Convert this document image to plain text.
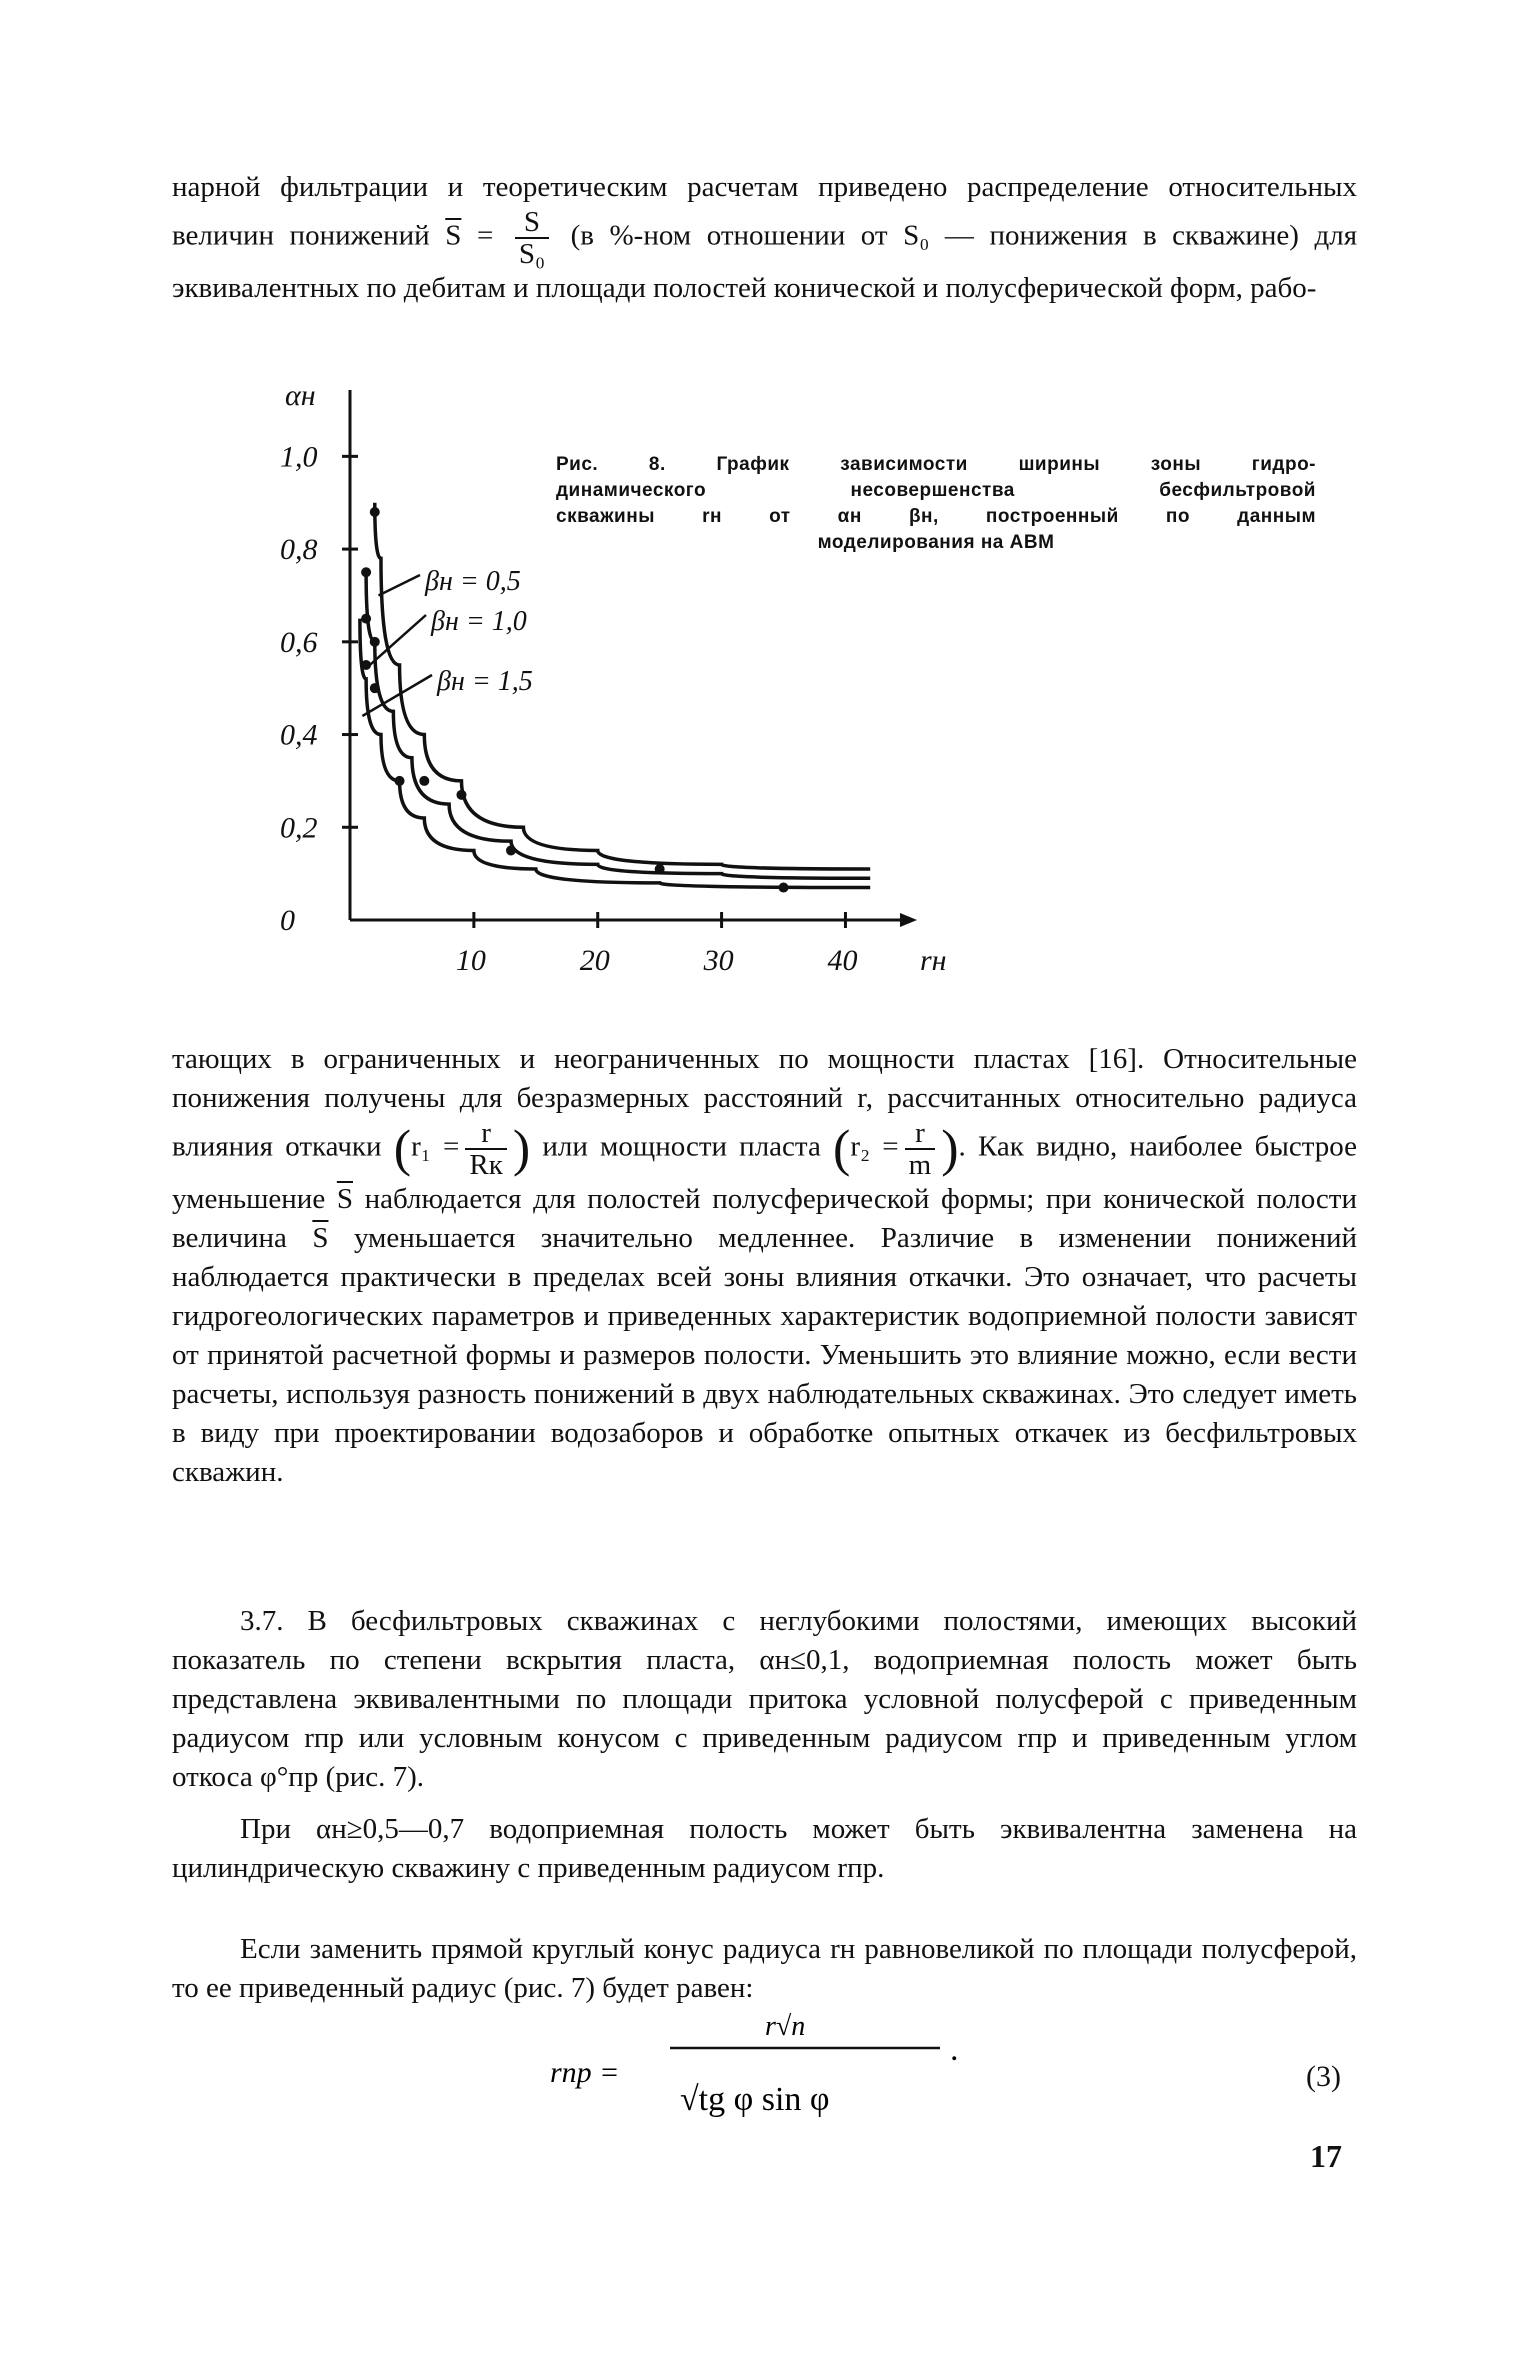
нарной фильтрации и теоретическим расчетам приведено распределение относительных величин понижений $\overline{S} = \frac{S}{\text{S₀}} (в$ %-ном отношении от S₀ — понижения в скважине) для эквивалентных по дебитам и площади полостей конической и полусферической форм, рабо-

0
0,2
0,4
0,6
0,8
1,0
10	20	30	40
αн
rн
βн = 0,5
βн = 1,0
βн = 1,5
Рис. 8. График зависимости ширины зоны гидро-
динамического несовершенства бесфильтровой
скважины rн от αн βн, построенный по данным
моделирования на АВМ

тающих в ограниченных и неограниченных по мощности пластах [16]. Относительные понижения получены для безразмерных расстояний r, рассчитанных относительно радиуса влияния откачки ($r_1 = \frac{r}{Rк}$ ) или мощности пласта ($r_2 = \frac{r}{m}$ ). Как видно, наиболее быстрое уменьшение $\overline{S}$ наблюдается для полостей полусферической формы; при конической полости величина $\overline{S}$ уменьшается значительно медленнее. Различие в изменении понижений наблюдается практически в пределах всей зоны влияния откачки. Это означает, что расчеты гидрогеологических параметров и приведенных характеристик водоприемной полости зависят от принятой расчетной формы и размеров полости. Уменьшить это влияние можно, если вести расчеты, используя разность понижений в двух наблюдательных скважинах. Это следует иметь в виду при проектировании водозаборов и обработке опытных откачек из бесфильтровых скважин.

3.7. В бесфильтровых скважинах с неглубокими полостями, имеющих высокий показатель по степени вскрытия пласта, αн≤0,1, водоприемная полость может быть представлена эквивалентными по площади притока условной полусферой с приведенным радиусом rпр или условным конусом с приведенным радиусом rпр и приведенным углом откоса φ°пр (рис. 7).

При αн≥0,5—0,7 водоприемная полость может быть эквивалентна заменена на цилиндрическую скважину с приведенным радиусом rпр.

Если заменить прямой круглый конус радиуса rн равновеликой по площади полусферой, то ее приведенный радиус (рис. 7) будет равен:

rпр =
r√n
√tg φ sin φ
.
(3)
17
